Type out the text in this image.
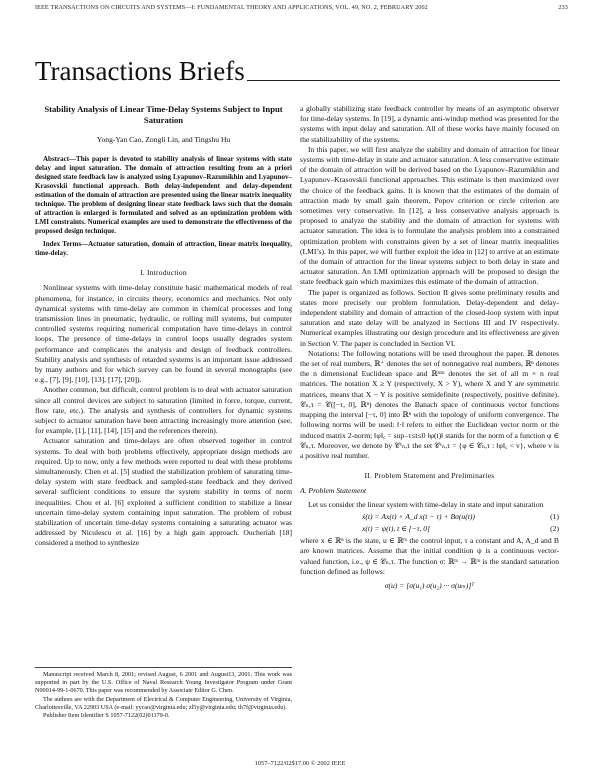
IEEE TRANSACTIONS ON CIRCUITS AND SYSTEMS—I: FUNDAMENTAL THEORY AND APPLICATIONS, VOL. 49, NO. 2, FEBRUARY 2002	233
Transactions Briefs
Stability Analysis of Linear Time-Delay Systems Subject to Input Saturation
Yong-Yan Cao, Zongli Lin, and Tingshu Hu

Abstract—This paper is devoted to stability analysis of linear systems with state delay and input saturation. The domain of attraction resulting from an a priori designed state feedback law is analyzed using Lyapunov–Razumikhin and Lyapunov–Krasovskii functional approach. Both delay-independent and delay-dependent estimation of the domain of attraction are presented using the linear matrix inequality technique. The problem of designing linear state feedback laws such that the domain of attraction is enlarged is formulated and solved as an optimization problem with LMI constraints. Numerical examples are used to demonstrate the effectiveness of the proposed design technique.

Index Terms—Actuator saturation, domain of attraction, linear matrix inequality, time-delay.

I. Introduction

Nonlinear systems with time-delay constitute basic mathematical models of real phenomena, for instance, in circuits theory, economics and mechanics. Not only dynamical systems with time-delay are common in chemical processes and long transmission lines in pneumatic, hydraulic, or rolling mill systems, but computer controlled systems requiring numerical computation have time-delays in control loops. The presence of time-delays in control loops usually degrades system performance and complicates the analysis and design of feedback controllers. Stability analysis and synthesis of retarded systems is an important issue addressed by many authors and for which survey can be found in several monographs (see e.g., [7], [9], [10], [13], [17], [20]).

Another common, but difficult, control problem is to deal with actuator saturation since all control devices are subject to saturation (limited in force, torque, current, flow rate, etc.). The analysis and synthesis of controllers for dynamic systems subject to actuator saturation have been attracting increasingly more attention (see, for example, [1], [11], [14], [15] and the references therein).

Actuator saturation and time-delays are often observed together in control systems. To deal with both problems effectively, appropriate design methods are required. Up to now, only a few methods were reported to deal with these problems simultaneously. Chen et al. [5] studied the stabilization problem of saturating time-delay system with state feedback and sampled-state feedback and they derived several sufficient conditions to ensure the system stability in terms of norm inequalities. Chou et al. [6] exploited a sufficient condition to stabilize a linear uncertain time-delay system containing input saturation. The problem of robust stabilization of uncertain time-delay systems containing a saturating actuator was addressed by Niculescu et al. [16] by a high gain approach. Oucheriah [18] considered a method to synthesize

Manuscript received March 8, 2001; revised August, 6 2001 and August13, 2001. This work was supported in part by the U.S. Office of Naval Research Young Investigator Program under Grant N00014-99-1-0670. This paper was recommended by Associate Editor G. Chen.

The authors are with the Department of Electrical & Computer Engineering, University of Virginia, Charlottesville, VA 22903 USA (e-mail: yycao@virginia.edu; zl5y@virginia.edu; th7f@virginia.edu).

Publisher Item Identifier S 1057-7122(02)01179-0.

a globally stabilizing state feedback controller by means of an asymptotic observer for time-delay systems. In [19], a dynamic anti-windup method was presented for the systems with input delay and saturation. All of these works have mainly focused on the stabilizability of the systems.

In this paper, we will first analyze the stability and domain of attraction for linear systems with time-delay in state and actuator saturation. A less conservative estimate of the domain of attraction will be derived based on the Lyapunov–Razumikhin and Lyapunov–Krasovskii functional approaches. This estimate is then maximized over the choice of the feedback gains. It is known that the estimates of the domain of attraction made by small gain theorem, Popov criterion or circle criterion are sometimes very conservative. In [12], a less conservative analysis approach is proposed to analyze the stability and the domain of attraction for systems with actuator saturation. The idea is to formulate the analysis problem into a constrained optimization problem with constraints given by a set of linear matrix inequalities (LMI’s). In this paper, we will further exploit the idea in [12] to arrive at an estimate of the domain of attraction for the linear systems subject to both delay in state and actuator saturation. An LMI optimization approach will be proposed to design the state feedback gain which maximizes this estimate of the domain of attraction.

The paper is organized as follows. Section II gives some preliminary results and states more precisely our problem formulation. Delay-dependent and delay-independent stability and domain of attraction of the closed-loop system with input saturation and state delay will be analyzed in Sections III and IV respectively. Numerical examples illustrating our design procedure and its effectiveness are given in Section V. The paper is concluded in Section VI.

Notations: The following notations will be used throughout the paper. ℝ denotes the set of real numbers, ℝ⁺ denotes the set of nonnegative real numbers, ℝⁿ denotes the n dimensional Euclidean space and ℝⁿˣⁿ denotes the set of all m × n real matrices. The notation X ≥ Y (respectively, X > Y), where X and Y are symmetric matrices, means that X − Y is positive semidefinite (respectively, positive definite). 𝒞ₙ,τ = 𝒞([−τ, 0], ℝⁿ) denotes the Banach space of continuous vector functions mapping the interval [−τ, 0] into ℝⁿ with the topology of uniform convergence. The following norms will be used: ‖·‖ refers to either the Euclidean vector norm or the induced matrix 2-norm; ‖φ‖꜀ = sup₋τ≤t≤0 ‖φ(t)‖ stands for the norm of a function φ ∈ 𝒞ₙ,τ. Moreover, we denote by 𝒞ᵛₙ,τ the set 𝒞ᵛₙ,τ = {φ ∈ 𝒞ₙ,τ : ‖φ‖꜀ < v}, where v is a positive real number.

II. Problem Statement and Preliminaries
A. Problem Statement

Let us consider the linear system with time-delay in state and input saturation

ẋ(t) = Ax(t) + A_d x(t − τ) + Bσ(u(t))	(1)
x(t) = ψ(t), t ∈ [−τ, 0]	(2)

where x ∈ ℝⁿ is the state, u ∈ ℝᵐ the control input, τ a constant and A, A_d and B are known matrices. Assume that the initial condition ψ is a continuous vector-valued function, i.e., ψ ∈ 𝒞ₙ,τ. The function σ: ℝᵐ → ℝᵐ is the standard saturation function defined as follows:

σ(u) = [σ(u₁) σ(u₂) ··· σ(uₘ)]ᵀ
1057–7122/02$17.00 © 2002 IEEE
